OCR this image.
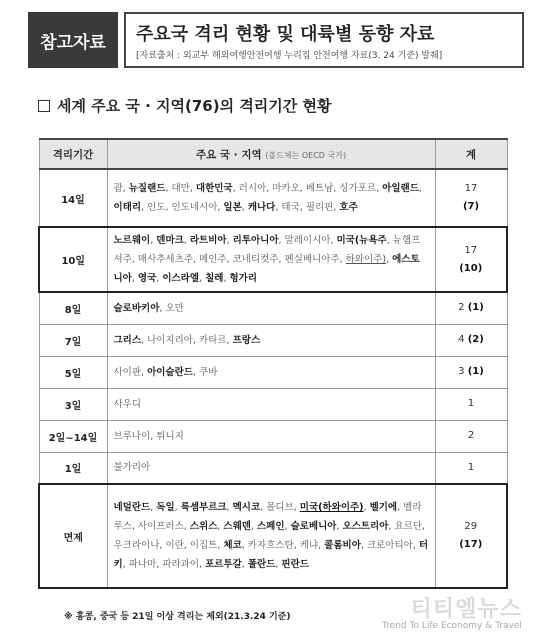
참고자료	주요국 격리 현황 및 대륙별 동향 자료
[자료출처 : 외교부 해외여행안전여행 누리집 안전여행 자료(3. 24 기준) 발췌]
세계 주요 국 · 지역(76)의 격리기간 현황
격리기간	주요 국 · 지역 (볼드체는 OECD 국가)	계
14일	괌, 뉴질랜드, 대만, 대한민국, 러시아, 마카오, 베트남, 싱가포르, 아일랜드, 이태리, 인도, 인도네시아, 일본, 캐나다, 태국, 필리핀, 호주	17
(7)
10일	노르웨이, 덴마크, 라트비아, 리투아니아, 말레이시아, 미국(뉴욕주, 뉴햄프셔주, 매사추세츠주, 메인주, 코네티컷주, 펜실베니아주, 하와이주), 에스토니아, 영국, 이스라엘, 칠레, 헝가리	17
(10)
8일	슬로바키아, 오만	2 (1)
7일	그리스, 나이지리아, 카타르, 프랑스	4 (2)
5일	사이판, 아이슬란드, 쿠바	3 (1)
3일	사우디	1
2일~14일	브루나이, 튀니지	2
1일	불가리아	1
면제	네덜란드, 독일, 룩셈부르크, 멕시코, 몰디브, 미국(하와이주), 벨기에, 벨라루스, 사이프러스, 스위스, 스웨덴, 스페인, 슬로베니아, 오스트리아, 요르단, 우크라이나, 이란, 이집트, 체코, 카자흐스탄, 케냐, 콜롬비아, 크로아티아, 터키, 파나마, 파라과이, 포르투갈, 폴란드, 핀란드	29
(17)
※ 홍콩, 중국 등 21일 이상 격리는 제외(21.3.24 기준)	티티엘뉴스
Trend To Life Economy & Travel
